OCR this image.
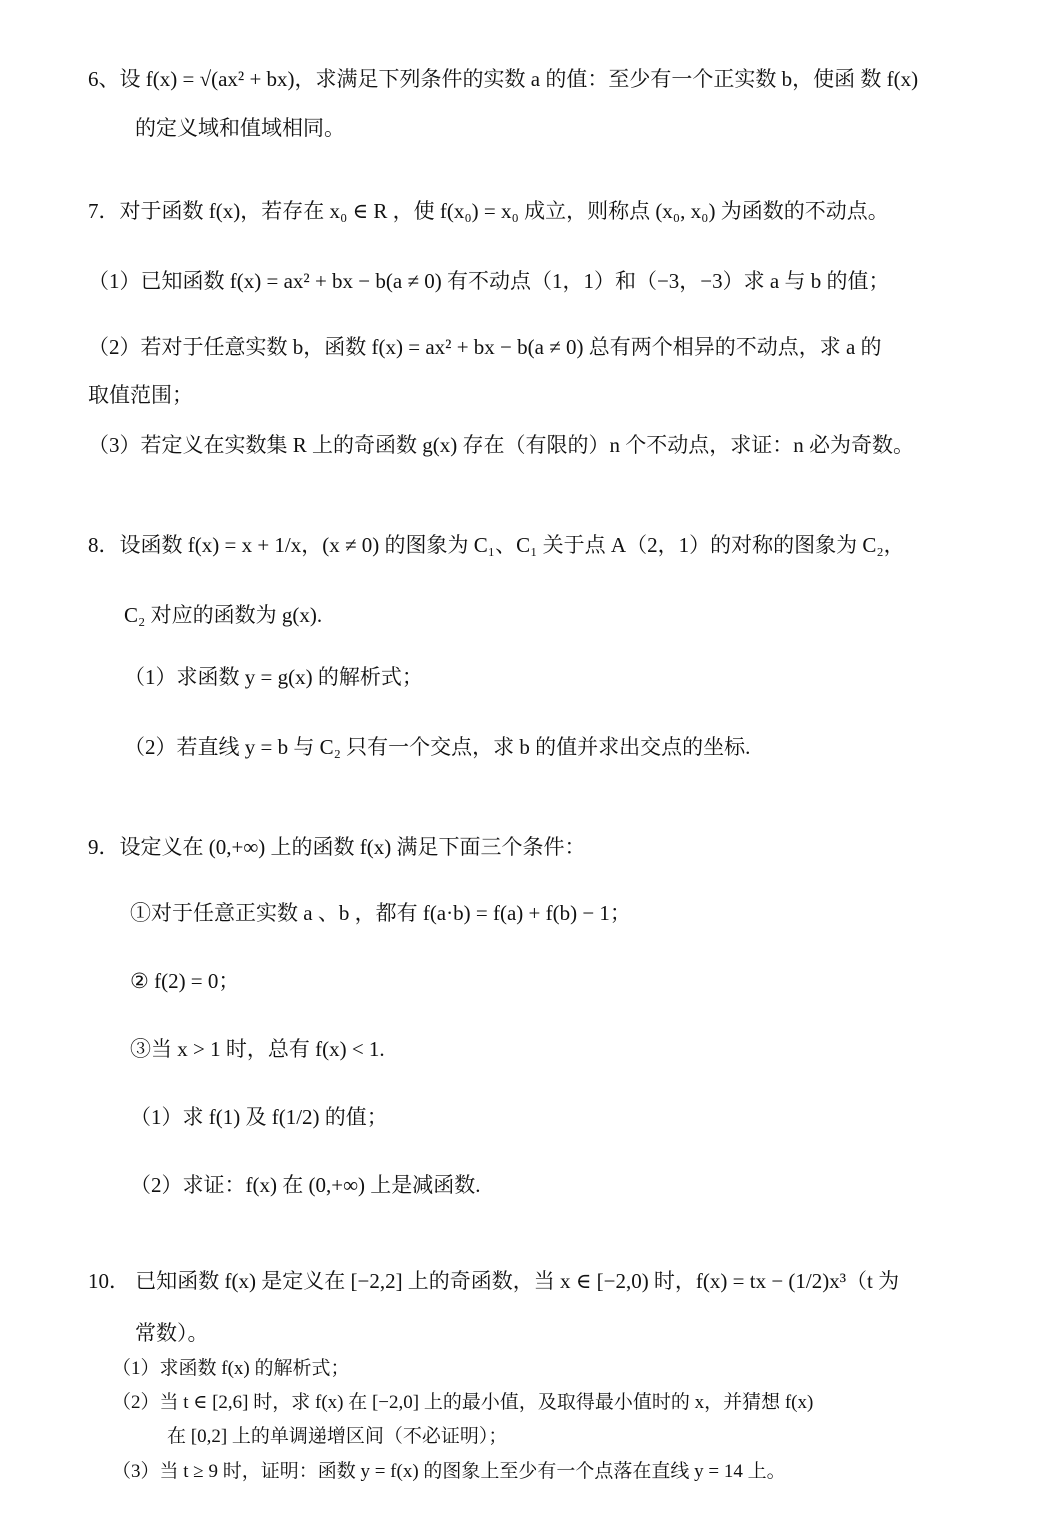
6、设 f(x) = √(ax² + bx)，求满足下列条件的实数 a 的值：至少有一个正实数 b，使函 数 f(x)
的定义域和值域相同。
7．对于函数 f(x)，若存在 x₀ ∈ R ，使 f(x₀) = x₀ 成立，则称点 (x₀, x₀) 为函数的不动点。
（1）已知函数 f(x) = ax² + bx − b(a ≠ 0) 有不动点（1，1）和（−3，−3）求 a 与 b 的值；
（2）若对于任意实数 b，函数 f(x) = ax² + bx − b(a ≠ 0) 总有两个相异的不动点，求 a 的
取值范围；
（3）若定义在实数集 R 上的奇函数 g(x) 存在（有限的）n 个不动点，求证：n 必为奇数。
8．设函数 f(x) = x + 1/x，(x ≠ 0) 的图象为 C₁、C₁ 关于点 A（2，1）的对称的图象为 C₂，
C₂ 对应的函数为 g(x).
（1）求函数 y = g(x) 的解析式；
（2）若直线 y = b 与 C₂ 只有一个交点，求 b 的值并求出交点的坐标.
9．设定义在 (0,+∞) 上的函数 f(x) 满足下面三个条件：
①对于任意正实数 a 、b ，都有 f(a·b) = f(a) + f(b) − 1；
② f(2) = 0；
③当 x > 1 时，总有 f(x) < 1.
（1）求 f(1) 及 f(1/2) 的值；
（2）求证：f(x) 在 (0,+∞) 上是减函数.
10． 已知函数 f(x) 是定义在 [−2,2] 上的奇函数，当 x ∈ [−2,0) 时，f(x) = tx − (1/2)x³（t 为
常数）。
（1）求函数 f(x) 的解析式；
（2）当 t ∈ [2,6] 时，求 f(x) 在 [−2,0] 上的最小值，及取得最小值时的 x，并猜想 f(x)
在 [0,2] 上的单调递增区间（不必证明）；
（3）当 t ≥ 9 时，证明：函数 y = f(x) 的图象上至少有一个点落在直线 y = 14 上。
